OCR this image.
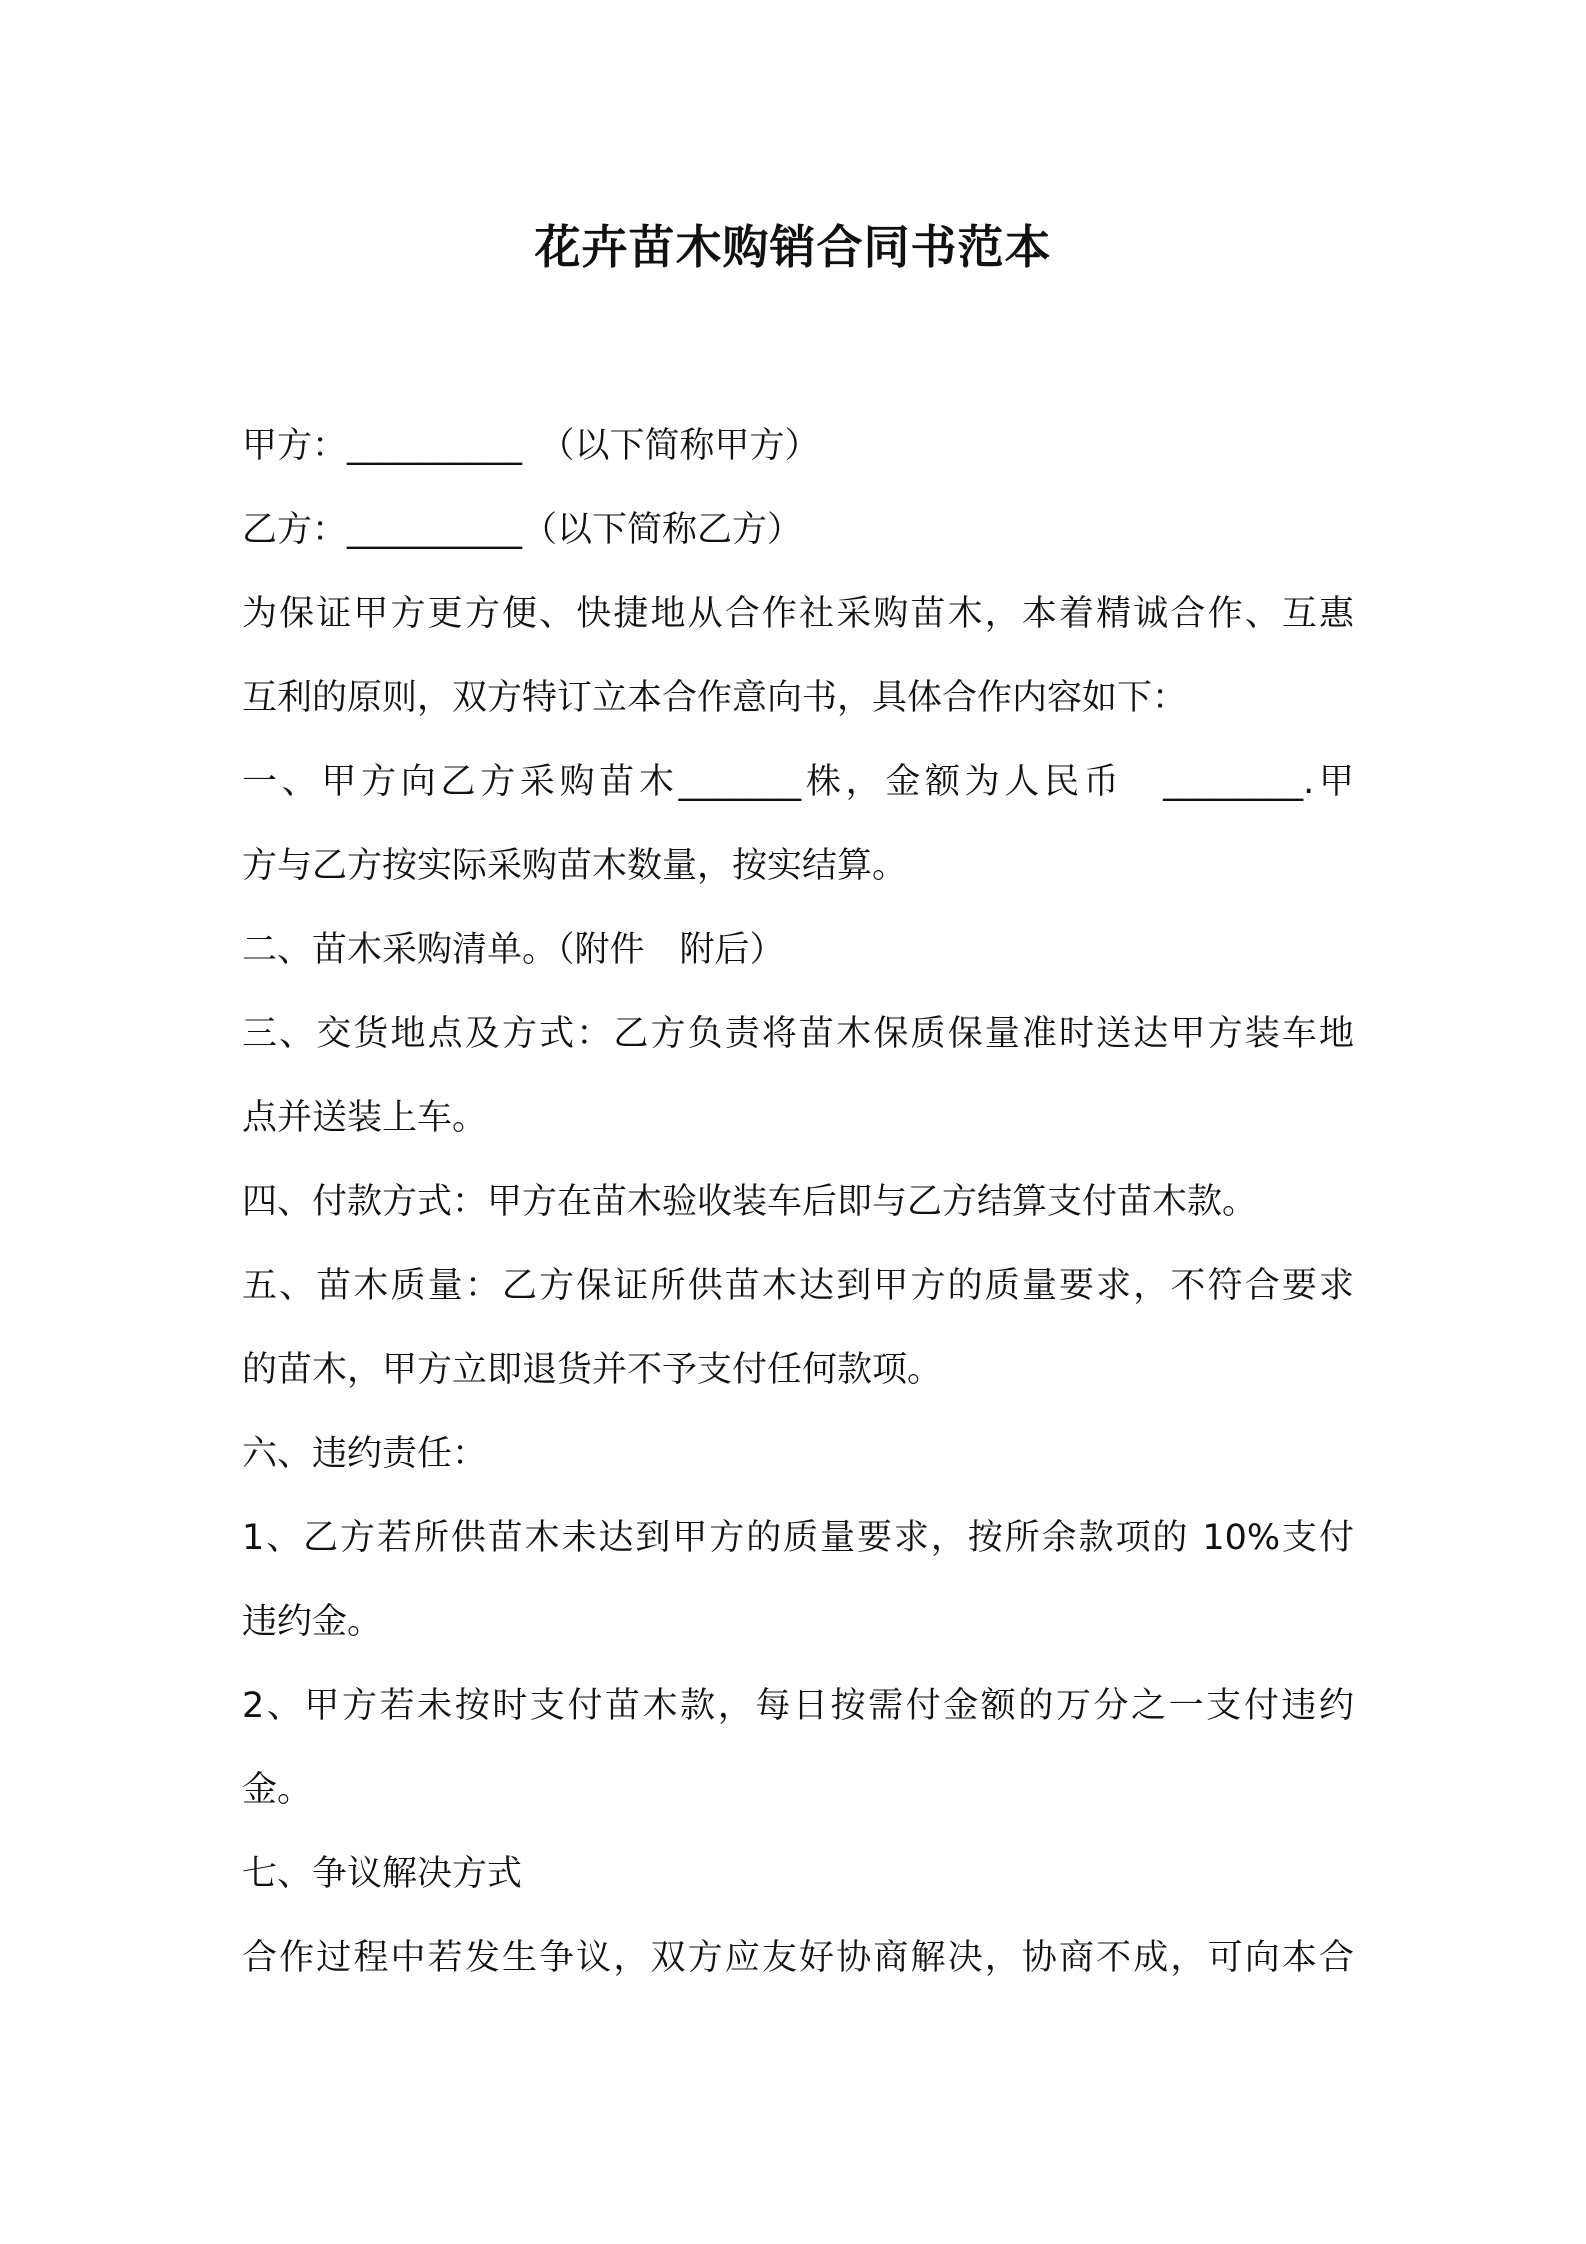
花卉苗木购销合同书范本
甲方：__________　（以下简称甲方）
乙方：__________（以下简称乙方）
为保证甲方更方便、快捷地从合作社采购苗木，本着精诚合作、互惠
互利的原则，双方特订立本合作意向书，具体合作内容如下：
一、甲方向乙方采购苗木_______株，金额为人民币　________.甲
方与乙方按实际采购苗木数量，按实结算。
二、苗木采购清单。（附件　附后）
三、交货地点及方式：乙方负责将苗木保质保量准时送达甲方装车地
点并送装上车。
四、付款方式：甲方在苗木验收装车后即与乙方结算支付苗木款。
五、苗木质量：乙方保证所供苗木达到甲方的质量要求，不符合要求
的苗木，甲方立即退货并不予支付任何款项。
六、违约责任：
1、乙方若所供苗木未达到甲方的质量要求，按所余款项的 10%支付
违约金。
2、甲方若未按时支付苗木款，每日按需付金额的万分之一支付违约
金。
七、争议解决方式
合作过程中若发生争议，双方应友好协商解决，协商不成，可向本合
